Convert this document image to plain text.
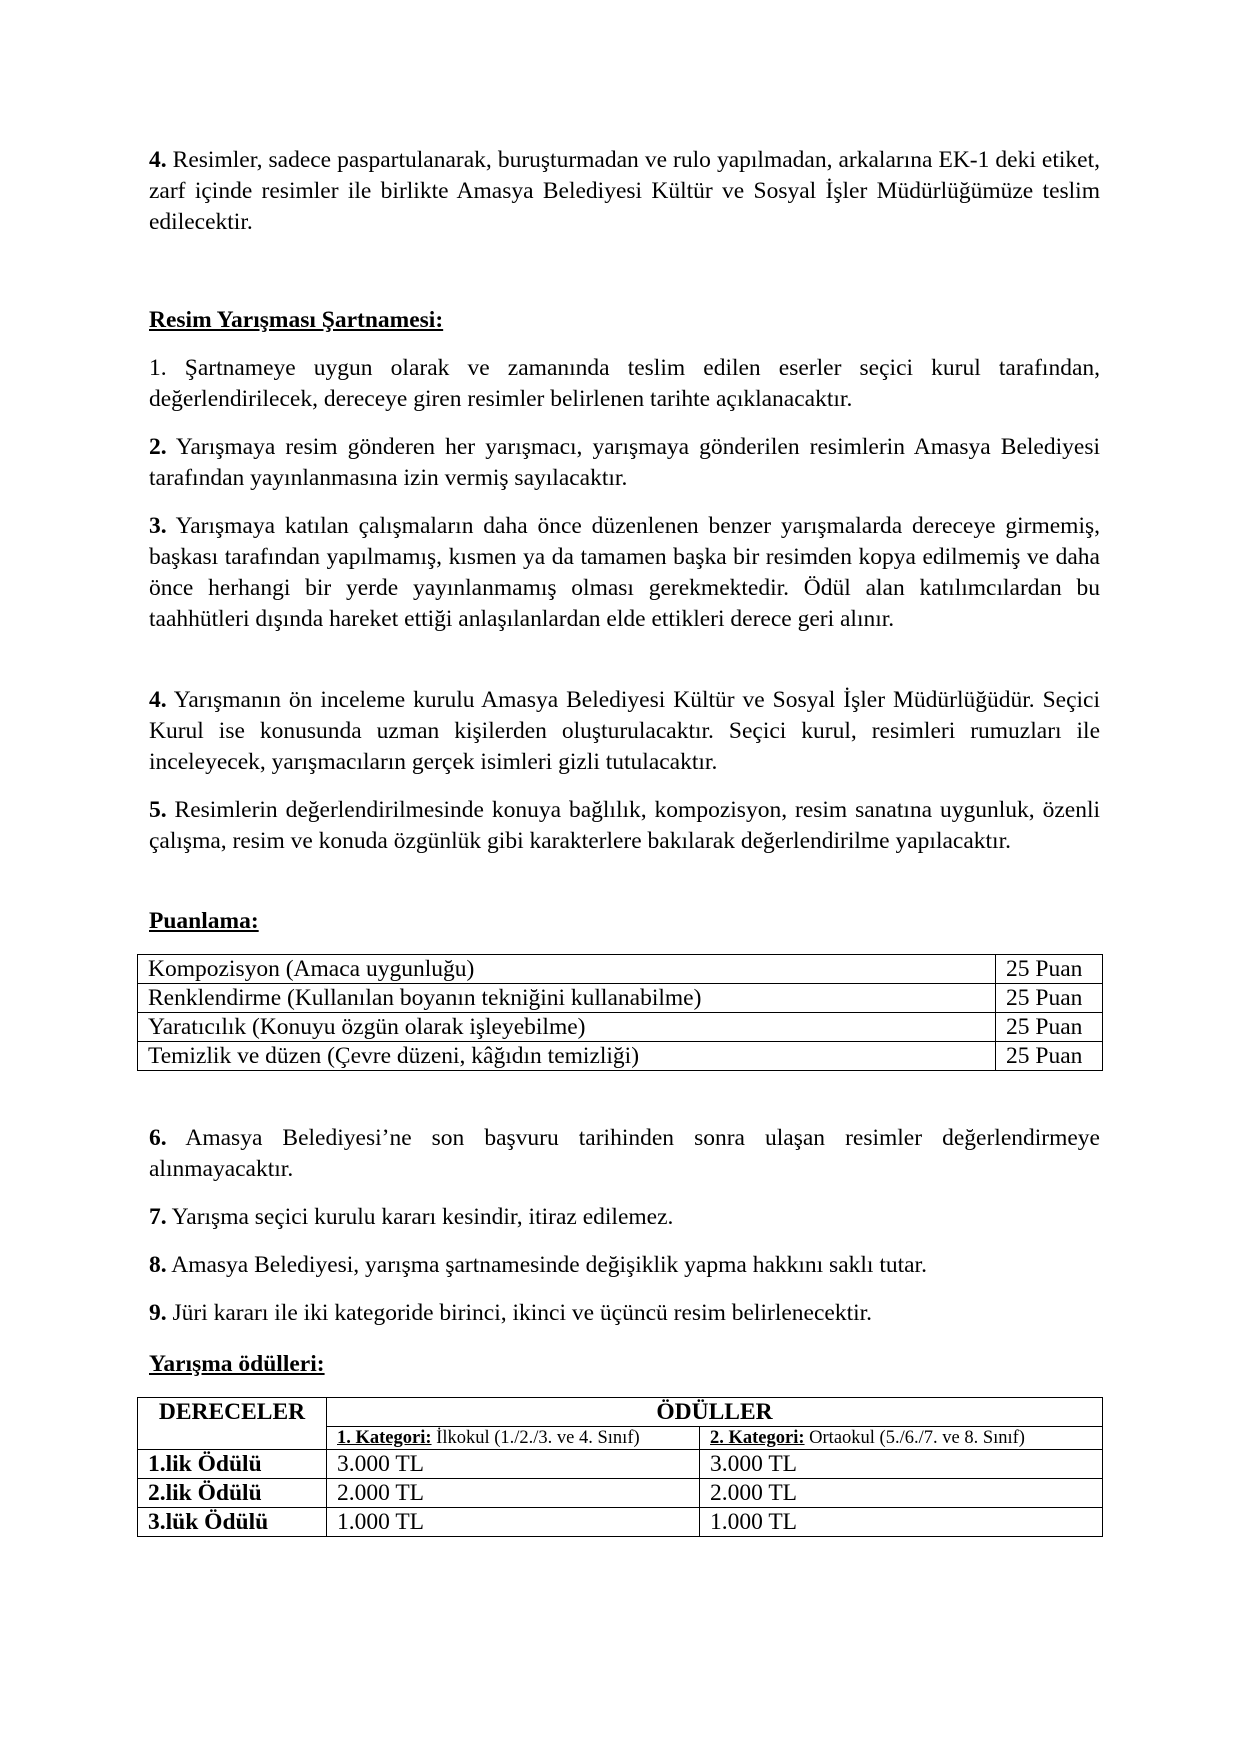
4. Resimler, sadece paspartulanarak, buruşturmadan ve rulo yapılmadan, arkalarına EK-1 deki etiket, zarf içinde resimler ile birlikte Amasya Belediyesi Kültür ve Sosyal İşler Müdürlüğümüze teslim edilecektir.

Resim Yarışması Şartnamesi:

1. Şartnameye uygun olarak ve zamanında teslim edilen eserler seçici kurul tarafından, değerlendirilecek, dereceye giren resimler belirlenen tarihte açıklanacaktır.

2. Yarışmaya resim gönderen her yarışmacı, yarışmaya gönderilen resimlerin Amasya Belediyesi tarafından yayınlanmasına izin vermiş sayılacaktır.

3. Yarışmaya katılan çalışmaların daha önce düzenlenen benzer yarışmalarda dereceye girmemiş, başkası tarafından yapılmamış, kısmen ya da tamamen başka bir resimden kopya edilmemiş ve daha önce herhangi bir yerde yayınlanmamış olması gerekmektedir. Ödül alan katılımcılardan bu taahhütleri dışında hareket ettiği anlaşılanlardan elde ettikleri derece geri alınır.

4. Yarışmanın ön inceleme kurulu Amasya Belediyesi Kültür ve Sosyal İşler Müdürlüğüdür. Seçici Kurul ise konusunda uzman kişilerden oluşturulacaktır. Seçici kurul, resimleri rumuzları ile inceleyecek, yarışmacıların gerçek isimleri gizli tutulacaktır.

5. Resimlerin değerlendirilmesinde konuya bağlılık, kompozisyon, resim sanatına uygunluk, özenli çalışma, resim ve konuda özgünlük gibi karakterlere bakılarak değerlendirilme yapılacaktır.

Puanlama:

Kompozisyon (Amaca uygunluğu)	25 Puan
Renklendirme (Kullanılan boyanın tekniğini kullanabilme)	25 Puan
Yaratıcılık (Konuyu özgün olarak işleyebilme)	25 Puan
Temizlik ve düzen (Çevre düzeni, kâğıdın temizliği)	25 Puan

6. Amasya Belediyesi’ne son başvuru tarihinden sonra ulaşan resimler değerlendirmeye alınmayacaktır.

7. Yarışma seçici kurulu kararı kesindir, itiraz edilemez.

8. Amasya Belediyesi, yarışma şartnamesinde değişiklik yapma hakkını saklı tutar.

9. Jüri kararı ile iki kategoride birinci, ikinci ve üçüncü resim belirlenecektir.

Yarışma ödülleri:

DERECELER	ÖDÜLLER	
	1. Kategori: İlkokul (1./2./3. ve 4. Sınıf)	2. Kategori: Ortaokul (5./6./7. ve 8. Sınıf)
1.lik Ödülü	3.000 TL	3.000 TL
2.lik Ödülü	2.000 TL	2.000 TL
3.lük Ödülü	1.000 TL	1.000 TL
